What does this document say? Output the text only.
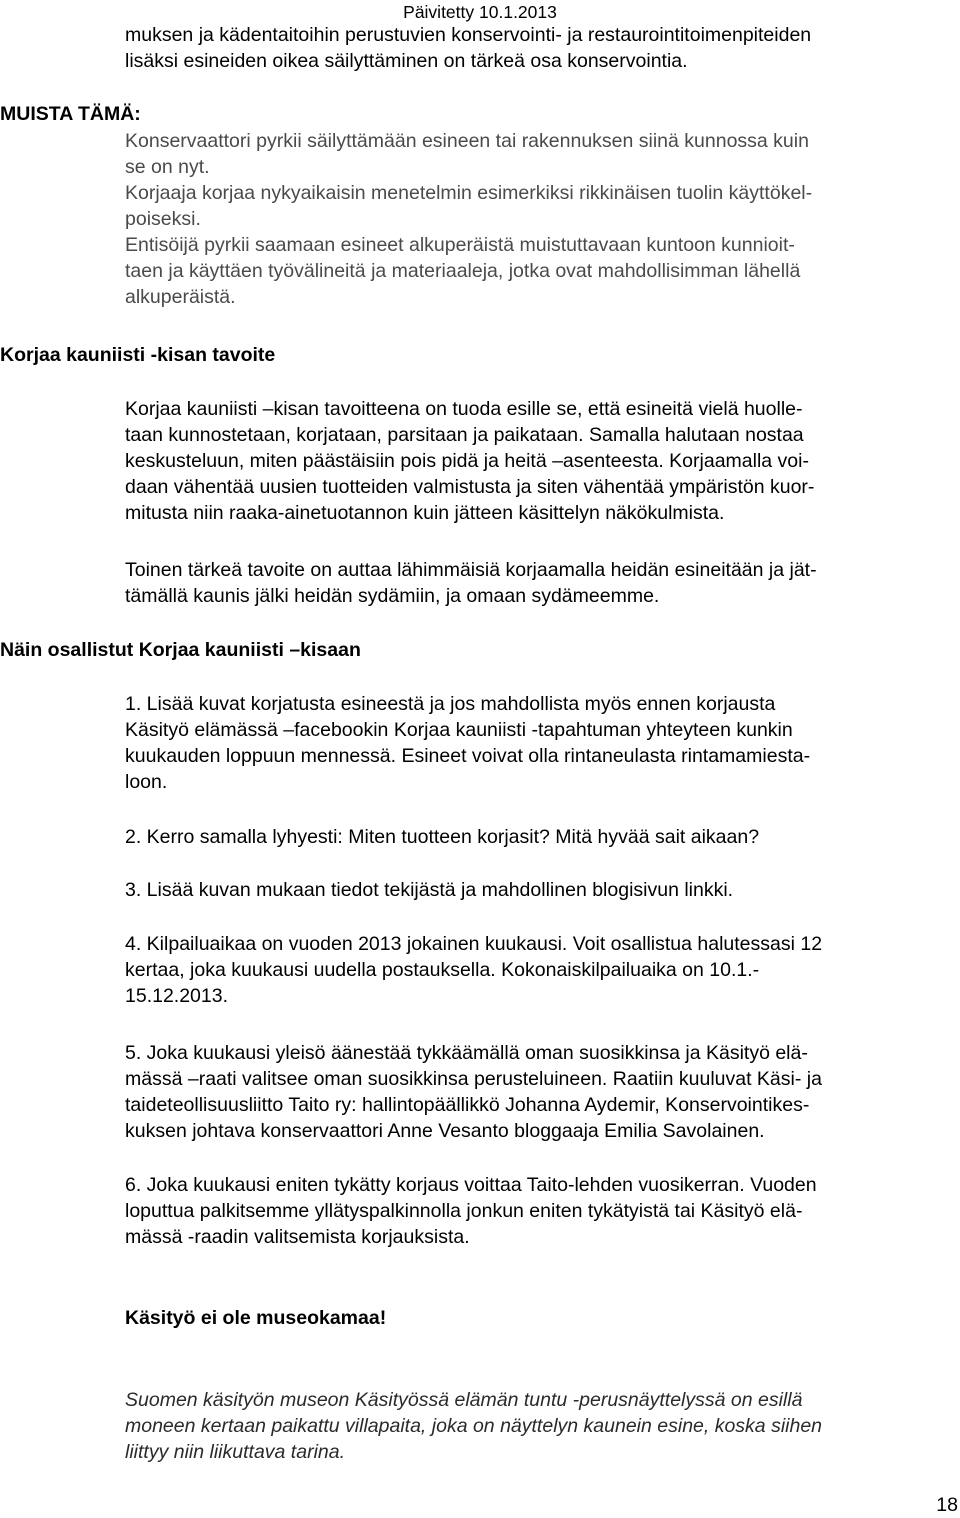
Päivitetty 10.1.2013
muksen ja kädentaitoihin perustuvien konservointi- ja restaurointitoimenpiteiden
lisäksi esineiden oikea säilyttäminen on tärkeä osa konservointia.
MUISTA TÄMÄ:
Konservaattori pyrkii säilyttämään esineen tai rakennuksen siinä kunnossa kuin
se on nyt.
Korjaaja korjaa nykyaikaisin menetelmin esimerkiksi rikkinäisen tuolin käyttökel-
poiseksi.
Entisöijä pyrkii saamaan esineet alkuperäistä muistuttavaan kuntoon kunnioit-
taen ja käyttäen työvälineitä ja materiaaleja, jotka ovat mahdollisimman lähellä
alkuperäistä.
Korjaa kauniisti -kisan tavoite
Korjaa kauniisti –kisan tavoitteena on tuoda esille se, että esineitä vielä huolle-
taan kunnostetaan, korjataan, parsitaan ja paikataan. Samalla halutaan nostaa
keskusteluun, miten päästäisiin pois pidä ja heitä –asenteesta. Korjaamalla voi-
daan vähentää uusien tuotteiden valmistusta ja siten vähentää ympäristön kuor-
mitusta niin raaka-ainetuotannon kuin jätteen käsittelyn näkökulmista.
Toinen tärkeä tavoite on auttaa lähimmäisiä korjaamalla heidän esineitään ja jät-
tämällä kaunis jälki heidän sydämiin, ja omaan sydämeemme.
Näin osallistut Korjaa kauniisti –kisaan
1. Lisää kuvat korjatusta esineestä ja jos mahdollista myös ennen korjausta
Käsityö elämässä –facebookin Korjaa kauniisti -tapahtuman yhteyteen kunkin
kuukauden loppuun mennessä. Esineet voivat olla rintaneulasta rintamamiesta-
loon.
2. Kerro samalla lyhyesti: Miten tuotteen korjasit? Mitä hyvää sait aikaan?
3. Lisää kuvan mukaan tiedot tekijästä ja mahdollinen blogisivun linkki.
4. Kilpailuaikaa on vuoden 2013 jokainen kuukausi. Voit osallistua halutessasi 12
kertaa, joka kuukausi uudella postauksella. Kokonaiskilpailuaika on 10.1.-
15.12.2013.
5. Joka kuukausi yleisö äänestää tykkäämällä oman suosikkinsa ja Käsityö elä-
mässä –raati valitsee oman suosikkinsa perusteluineen. Raatiin kuuluvat Käsi- ja
taideteollisuusliitto Taito ry: hallintopäällikkö Johanna Aydemir, Konservointikes-
kuksen johtava konservaattori Anne Vesanto bloggaaja Emilia Savolainen.
6. Joka kuukausi eniten tykätty korjaus voittaa Taito-lehden vuosikerran. Vuoden
loputtua palkitsemme yllätyspalkinnolla jonkun eniten tykätyistä tai Käsityö elä-
mässä -raadin valitsemista korjauksista.
Käsityö ei ole museokamaa!
Suomen käsityön museon Käsityössä elämän tuntu -perusnäyttelyssä on esillä
moneen kertaan paikattu villapaita, joka on näyttelyn kaunein esine, koska siihen
liittyy niin liikuttava tarina.
18
